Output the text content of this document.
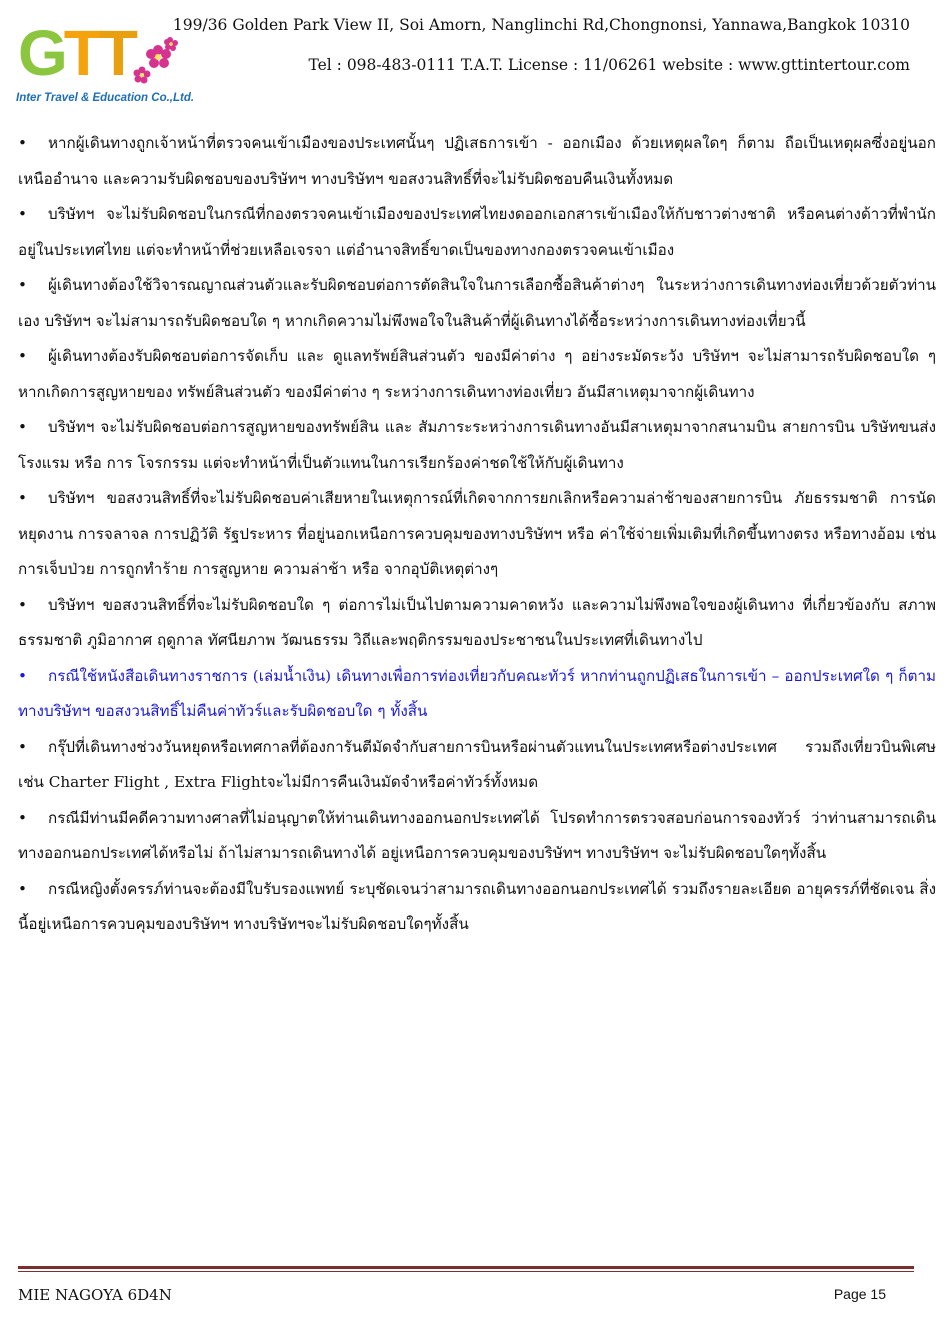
GTT
Inter Travel & Education Co.,Ltd.
199/36 Golden Park View II, Soi Amorn, Nanglinchi Rd,Chongnonsi, Yannawa,Bangkok 10310
Tel : 098-483-0111 T.A.T. License : 11/06261 website : www.gttintertour.com

• หากผู้เดินทางถูกเจ้าหน้าที่ตรวจคนเข้าเมืองของประเทศนั้นๆ ปฏิเสธการเข้า - ออกเมือง ด้วยเหตุผลใดๆ ก็ตาม ถือเป็นเหตุผลซึ่งอยู่นอกเหนืออำนาจ และความรับผิดชอบของบริษัทฯ ทางบริษัทฯ ขอสงวนสิทธิ์ที่จะไม่รับผิดชอบคืนเงินทั้งหมด

• บริษัทฯ จะไม่รับผิดชอบในกรณีที่กองตรวจคนเข้าเมืองของประเทศไทยงดออกเอกสารเข้าเมืองให้กับชาวต่างชาติ หรือคนต่างด้าวที่พำนักอยู่ในประเทศไทย แต่จะทำหน้าที่ช่วยเหลือเจรจา แต่อำนาจสิทธิ์ขาดเป็นของทางกองตรวจคนเข้าเมือง

• ผู้เดินทางต้องใช้วิจารณญาณส่วนตัวและรับผิดชอบต่อการตัดสินใจในการเลือกซื้อสินค้าต่างๆ ในระหว่างการเดินทางท่องเที่ยวด้วยตัวท่านเอง บริษัทฯ จะไม่สามารถรับผิดชอบใด ๆ หากเกิดความไม่พึงพอใจในสินค้าที่ผู้เดินทางได้ซื้อระหว่างการเดินทางท่องเที่ยวนี้

• ผู้เดินทางต้องรับผิดชอบต่อการจัดเก็บ และ ดูแลทรัพย์สินส่วนตัว ของมีค่าต่าง ๆ อย่างระมัดระวัง บริษัทฯ จะไม่สามารถรับผิดชอบใด ๆ หากเกิดการสูญหายของ ทรัพย์สินส่วนตัว ของมีค่าต่าง ๆ ระหว่างการเดินทางท่องเที่ยว อันมีสาเหตุมาจากผู้เดินทาง

• บริษัทฯ จะไม่รับผิดชอบต่อการสูญหายของทรัพย์สิน และ สัมภาระระหว่างการเดินทางอันมีสาเหตุมาจากสนามบิน สายการบิน บริษัทขนส่ง โรงแรม หรือ การ โจรกรรม แต่จะทำหน้าที่เป็นตัวแทนในการเรียกร้องค่าชดใช้ให้กับผู้เดินทาง

• บริษัทฯ ขอสงวนสิทธิ์ที่จะไม่รับผิดชอบค่าเสียหายในเหตุการณ์ที่เกิดจากการยกเลิกหรือความล่าช้าของสายการบิน ภัยธรรมชาติ การนัดหยุดงาน การจลาจล การปฏิวัติ รัฐประหาร ที่อยู่นอกเหนือการควบคุมของทางบริษัทฯ หรือ ค่าใช้จ่ายเพิ่มเติมที่เกิดขึ้นทางตรง หรือทางอ้อม เช่น การเจ็บป่วย การถูกทำร้าย การสูญหาย ความล่าช้า หรือ จากอุบัติเหตุต่างๆ

• บริษัทฯ ขอสงวนสิทธิ์ที่จะไม่รับผิดชอบใด ๆ ต่อการไม่เป็นไปตามความคาดหวัง และความไม่พึงพอใจของผู้เดินทาง ที่เกี่ยวข้องกับ สภาพธรรมชาติ ภูมิอากาศ ฤดูกาล ทัศนียภาพ วัฒนธรรม วิถีและพฤติกรรมของประชาชนในประเทศที่เดินทางไป

• กรณีใช้หนังสือเดินทางราชการ (เล่มน้ำเงิน) เดินทางเพื่อการท่องเที่ยวกับคณะทัวร์ หากท่านถูกปฏิเสธในการเข้า – ออกประเทศใด ๆ ก็ตาม ทางบริษัทฯ ขอสงวนสิทธิ์ไม่คืนค่าทัวร์และรับผิดชอบใด ๆ ทั้งสิ้น

• กรุ๊ปที่เดินทางช่วงวันหยุดหรือเทศกาลที่ต้องการันตีมัดจำกับสายการบินหรือผ่านตัวแทนในประเทศหรือต่างประเทศ รวมถึงเที่ยวบินพิเศษ เช่น Charter Flight , Extra Flightจะไม่มีการคืนเงินมัดจำหรือค่าทัวร์ทั้งหมด

• กรณีมีท่านมีคดีความทางศาลที่ไม่อนุญาตให้ท่านเดินทางออกนอกประเทศได้ โปรดทำการตรวจสอบก่อนการจองทัวร์ ว่าท่านสามารถเดินทางออกนอกประเทศได้หรือไม่ ถ้าไม่สามารถเดินทางได้ อยู่เหนือการควบคุมของบริษัทฯ ทางบริษัทฯ จะไม่รับผิดชอบใดๆทั้งสิ้น

• กรณีหญิงตั้งครรภ์ท่านจะต้องมีใบรับรองแพทย์ ระบุชัดเจนว่าสามารถเดินทางออกนอกประเทศได้ รวมถึงรายละเอียด อายุครรภ์ที่ชัดเจน สิ่งนี้อยู่เหนือการควบคุมของบริษัทฯ ทางบริษัทฯจะไม่รับผิดชอบใดๆทั้งสิ้น

MIE NAGOYA 6D4N	Page 15
